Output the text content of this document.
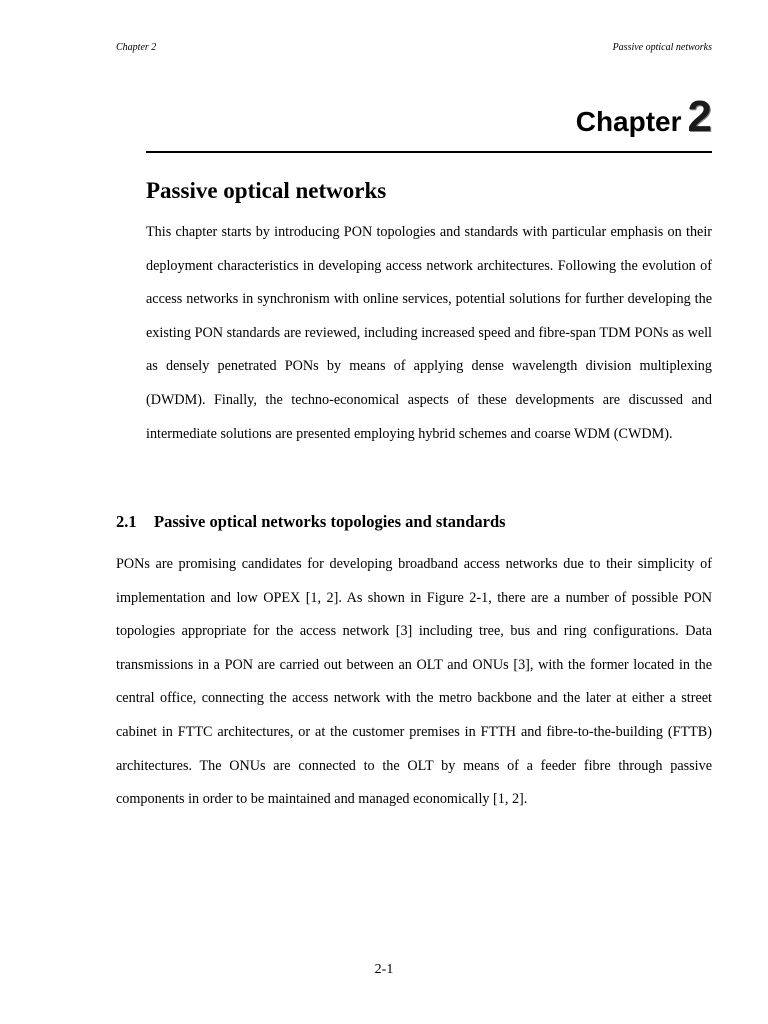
Chapter 2	Passive optical networks
Chapter 2
Passive optical networks

This chapter starts by introducing PON topologies and standards with particular emphasis on their deployment characteristics in developing access network architectures. Following the evolution of access networks in synchronism with online services, potential solutions for further developing the existing PON standards are reviewed, including increased speed and fibre-span TDM PONs as well as densely penetrated PONs by means of applying dense wavelength division multiplexing (DWDM). Finally, the techno-economical aspects of these developments are discussed and intermediate solutions are presented employing hybrid schemes and coarse WDM (CWDM).

2.1 Passive optical networks topologies and standards

PONs are promising candidates for developing broadband access networks due to their simplicity of implementation and low OPEX [1, 2]. As shown in Figure 2-1, there are a number of possible PON topologies appropriate for the access network [3] including tree, bus and ring configurations. Data transmissions in a PON are carried out between an OLT and ONUs [3], with the former located in the central office, connecting the access network with the metro backbone and the later at either a street cabinet in FTTC architectures, or at the customer premises in FTTH and fibre-to-the-building (FTTB) architectures. The ONUs are connected to the OLT by means of a feeder fibre through passive components in order to be maintained and managed economically [1, 2].

2-1
